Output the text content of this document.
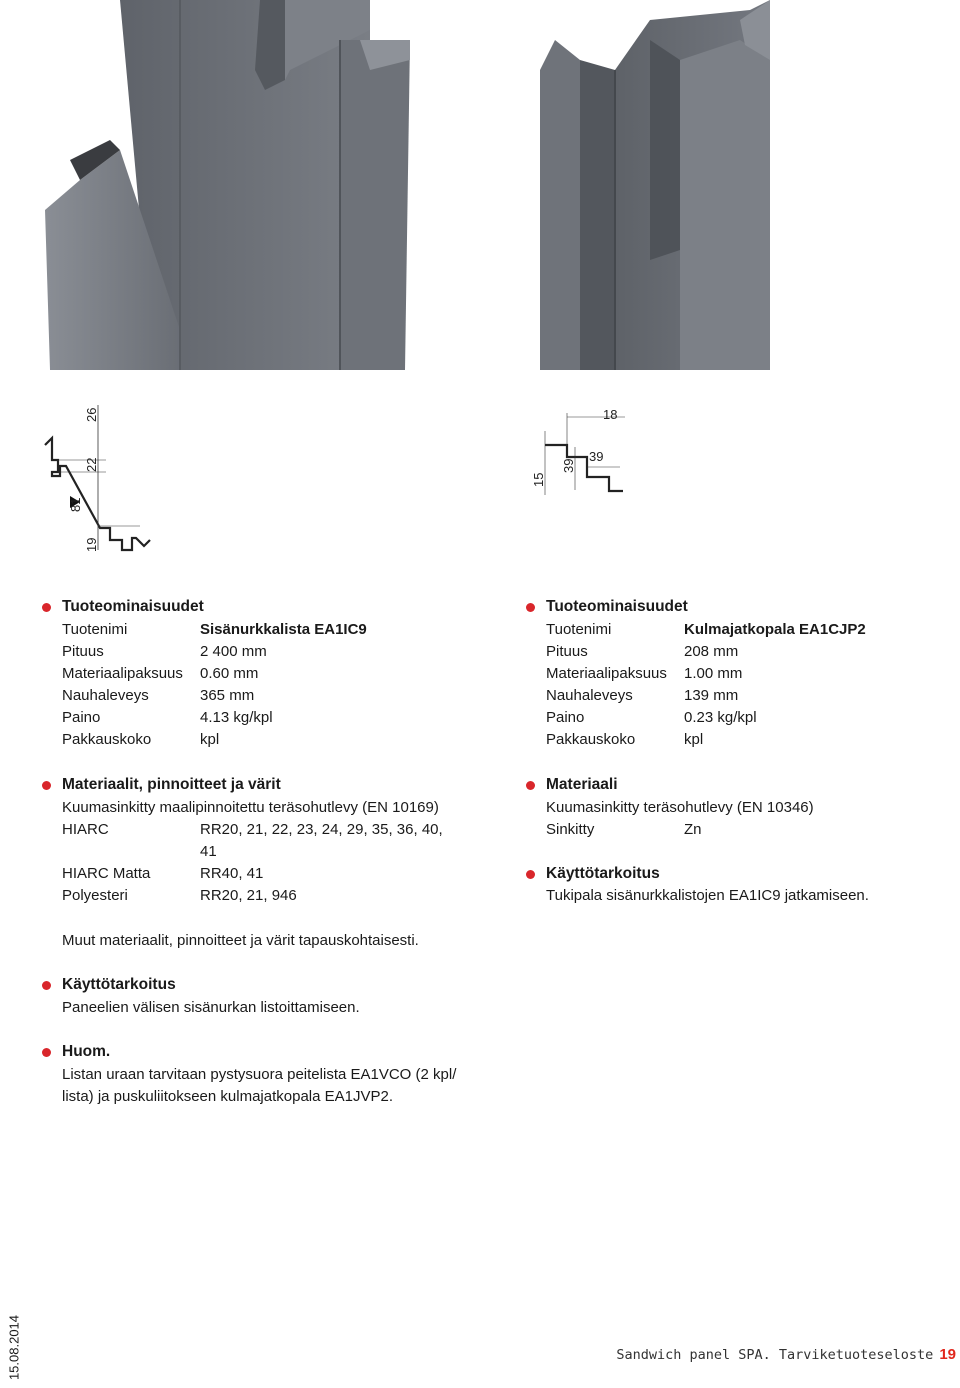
26
22
81
19
18
39
39
15
Tuoteominaisuudet
Tuotenimi	Sisänurkkalista EA1IC9
Pituus	2 400 mm
Materiaalipaksuus 0.60 mm
Nauhaleveys	365 mm
Paino	4.13 kg/kpl
Pakkauskoko	kpl
Materiaalit, pinnoitteet ja värit
Kuumasinkitty maalipinnoitettu teräsohutlevy (EN 10169)
HIARC	RR20, 21, 22, 23, 24, 29, 35, 36, 40,
41
HIARC Matta	RR40, 41
Polyesteri	RR20, 21, 946
Muut materiaalit, pinnoitteet ja värit tapauskohtaisesti.
Käyttötarkoitus
Paneelien välisen sisänurkan listoittamiseen.
Huom.
Listan uraan tarvitaan pystysuora peitelista EA1VCO (2 kpl/
lista) ja puskuliitokseen kulmajatkopala EA1JVP2.
Tuoteominaisuudet
Tuotenimi	Kulmajatkopala EA1CJP2
Pituus	208 mm
Materiaalipaksuus 1.00 mm
Nauhaleveys	139 mm
Paino	0.23 kg/kpl
Pakkauskoko	kpl
Materiaali
Kuumasinkitty teräsohutlevy (EN 10346)
Sinkitty	Zn
Käyttötarkoitus
Tukipala sisänurkkalistojen EA1IC9 jatkamiseen.
15.08.2014	Sandwich panel SPA. Tarviketuoteseloste 19
